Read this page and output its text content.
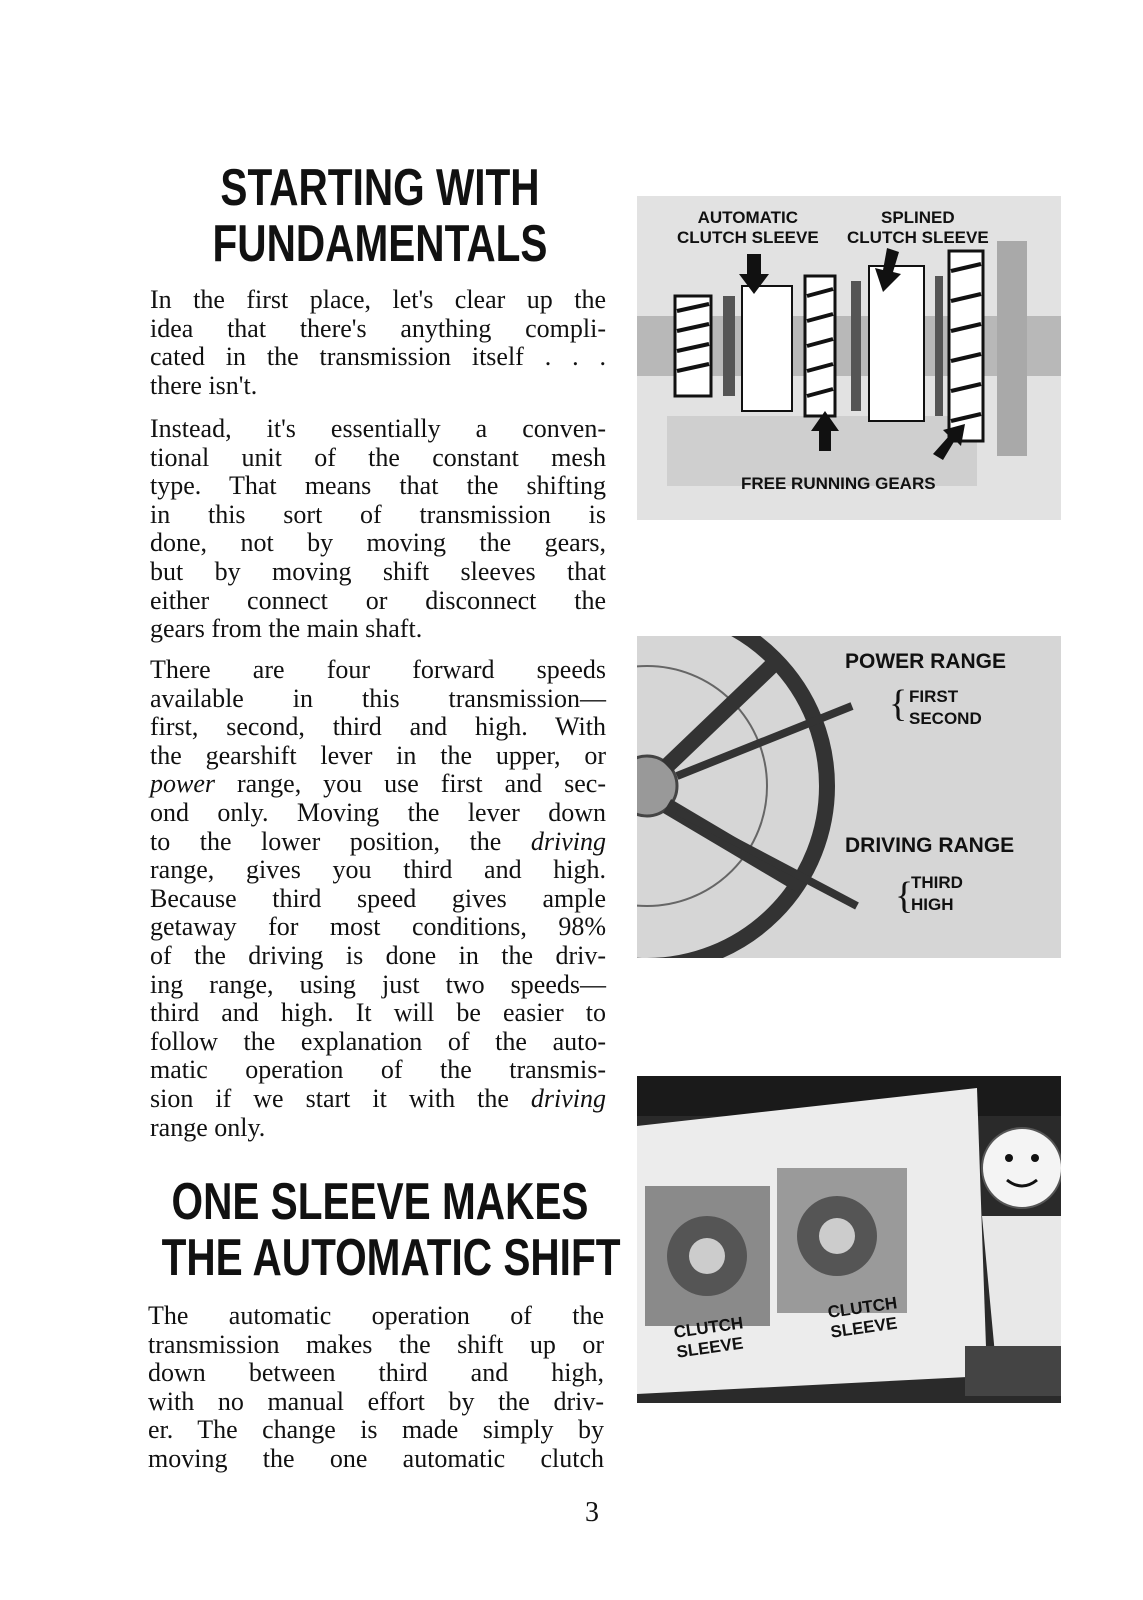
STARTING WITH
FUNDAMENTALS
In the first place, let's clear up the
idea that there's anything compli-
cated in the transmission itself . . .
there isn't.
Instead, it's essentially a conven-
tional unit of the constant mesh
type. That means that the shifting
in this sort of transmission is
done, not by moving the gears,
but by moving shift sleeves that
either connect or disconnect the
gears from the main shaft.
There are four forward speeds
available in this transmission—
first, second, third and high. With
the gearshift lever in the upper, or
power range, you use first and sec-
ond only. Moving the lever down
to the lower position, the driving
range, gives you third and high.
Because third speed gives ample
getaway for most conditions, 98%
of the driving is done in the driv-
ing range, using just two speeds—
third and high. It will be easier to
follow the explanation of the auto-
matic operation of the transmis-
sion if we start it with the driving
range only.
ONE SLEEVE MAKES
THE AUTOMATIC SHIFT
The automatic operation of the
transmission makes the shift up or
down between third and high,
with no manual effort by the driv-
er. The change is made simply by
moving the one automatic clutch
AUTOMATIC
CLUTCH SLEEVE
SPLINED
CLUTCH SLEEVE
FREE RUNNING GEARS
{
{
POWER RANGE
FIRST
SECOND
DRIVING RANGE
THIRD
HIGH
CLUTCH
SLEEVE
CLUTCH
SLEEVE
3
